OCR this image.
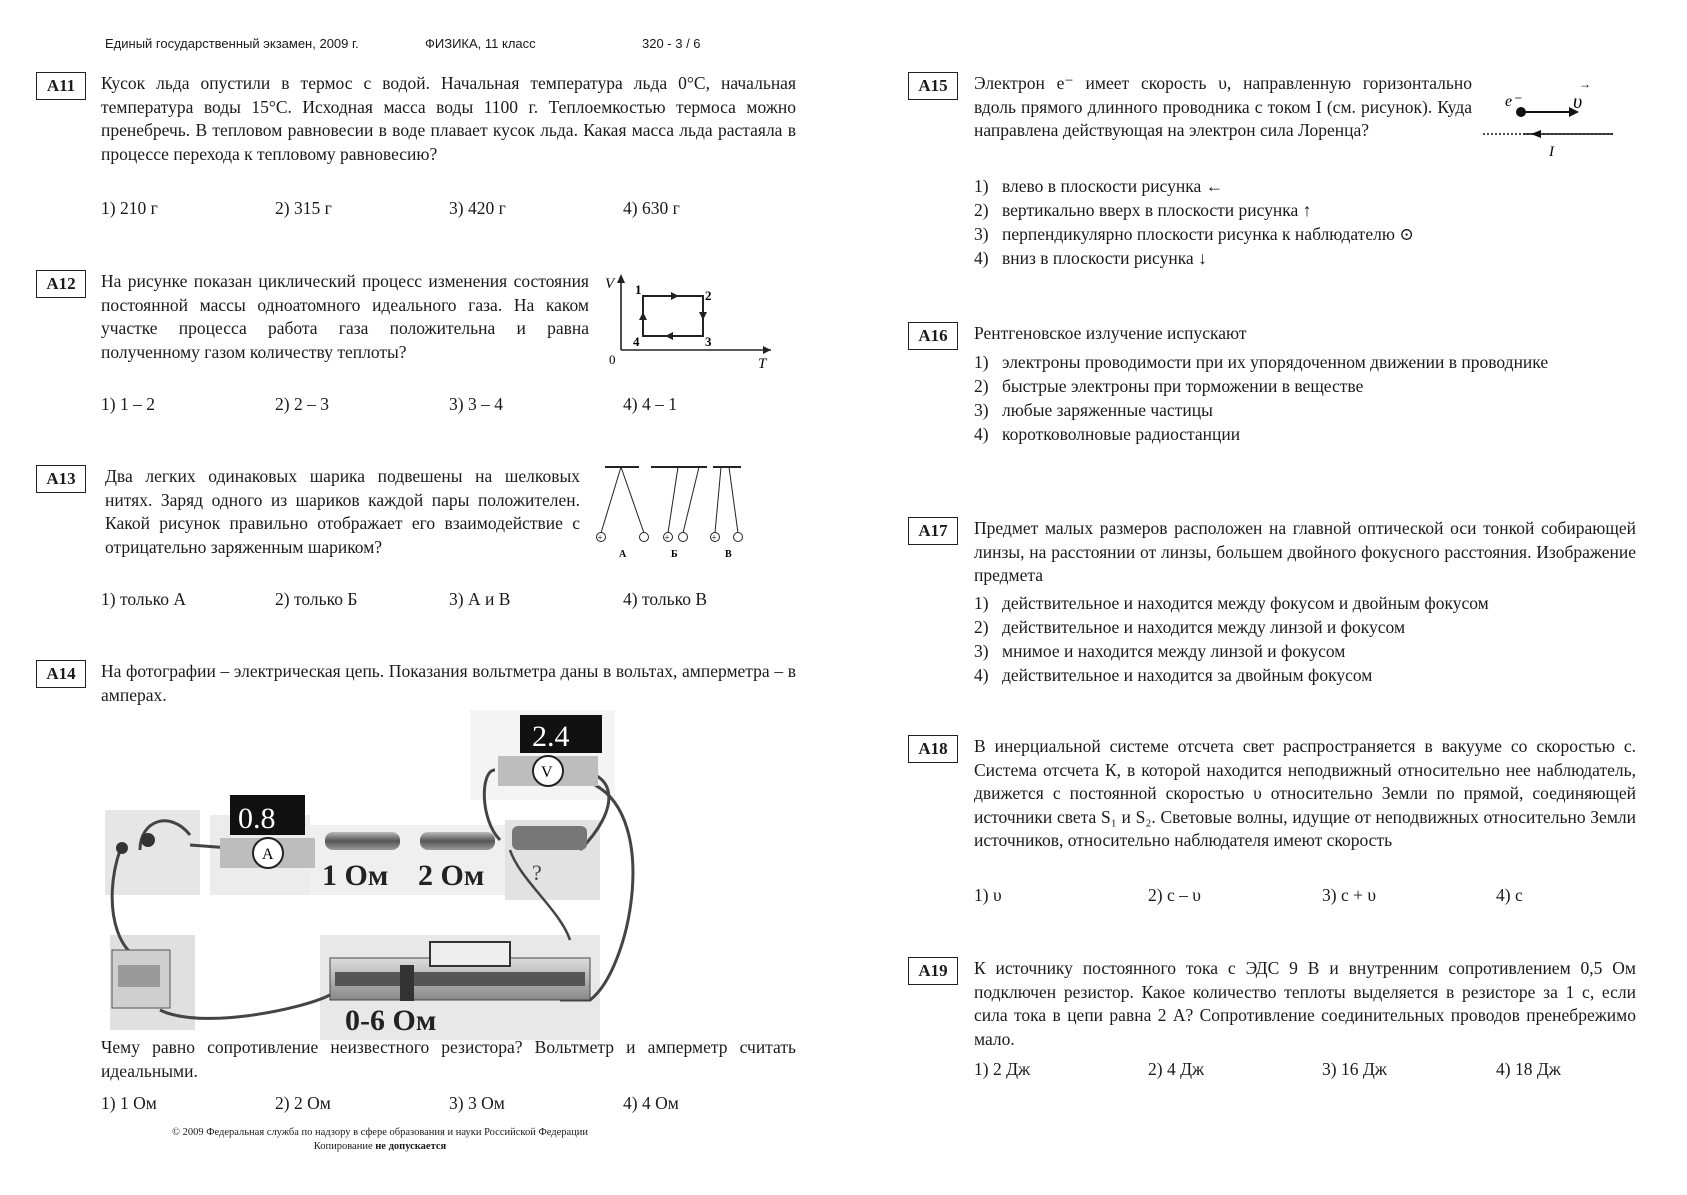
Единый государственный экзамен, 2009 г.	ФИЗИКА, 11 класс	320 - 3 / 6
A11	Кусок льда опустили в термос с водой. Начальная температура льда 0°С, начальная температура воды 15°С. Исходная масса воды 1100 г. Теплоемкостью термоса можно пренебречь. В тепловом равновесии в воде плавает кусок льда. Какая масса льда растаяла в процессе перехода к тепловому равновесию?
1) 210 г	2) 315 г	3) 420 г	4) 630 г
A12	На рисунке показан циклический процесс изменения состояния постоянной массы одноатомного идеального газа. На каком участке процесса работа газа положительна и равна полученному газом количеству теплоты?
V
T
0
1	2
3
4
1) 1 – 2	2) 2 – 3	3) 3 – 4	4) 4 – 1
A13	Два легких одинаковых шарика подвешены на шелковых нитях. Заряд одного из шариков каждой пары положителен. Какой рисунок правильно отображает его взаимодействие с отрицательно заряженным шариком?	+	+	+
А	Б	В
1) только А	2) только Б	3) А и В	4) только В
A14	На фотографии – электрическая цепь. Показания вольтметра даны в вольтах, амперметра – в амперах.
2.4
V
0.8
A
1 Ом 2 Ом ?
0-6 Ом
Чему равно сопротивление неизвестного резистора? Вольтметр и амперметр считать идеальными.
1) 1 Ом	2) 2 Ом	3) 3 Ом	4) 4 Ом
© 2009 Федеральная служба по надзору в сфере образования и науки Российской Федерации
Копирование не допускается
A15	Электрон e⁻ имеет скорость υ, направленную горизонтально вдоль прямого длинного проводника с током I (см. рисунок). Куда направлена действующая на электрон сила Лоренца?
e⁻	υ
→
I
1) влево в плоскости рисунка ←
2) вертикально вверх в плоскости рисунка ↑
3) перпендикулярно плоскости рисунка к наблюдателю ⊙
4) вниз в плоскости рисунка ↓
A16	Рентгеновское излучение испускают
1) электроны проводимости при их упорядоченном движении в проводнике
2) быстрые электроны при торможении в веществе
3) любые заряженные частицы
4) коротковолновые радиостанции
A17	Предмет малых размеров расположен на главной оптической оси тонкой собирающей линзы, на расстоянии от линзы, большем двойного фокусного расстояния. Изображение предмета
1) действительное и находится между фокусом и двойным фокусом
2) действительное и находится между линзой и фокусом
3) мнимое и находится между линзой и фокусом
4) действительное и находится за двойным фокусом
A18	В инерциальной системе отсчета свет распространяется в вакууме со скоростью c. Система отсчета К, в которой находится неподвижный относительно нее наблюдатель, движется с постоянной скоростью υ относительно Земли по прямой, соединяющей источники света S₁ и S₂. Световые волны, идущие от неподвижных относительно Земли источников, относительно наблюдателя имеют скорость
1) υ	2) c – υ	3) c + υ	4) c
A19	К источнику постоянного тока с ЭДС 9 В и внутренним сопротивлением 0,5 Ом подключен резистор. Какое количество теплоты выделяется в резисторе за 1 с, если сила тока в цепи равна 2 А? Сопротивление соединительных проводов пренебрежимо мало.
1) 2 Дж	2) 4 Дж	3) 16 Дж	4) 18 Дж
